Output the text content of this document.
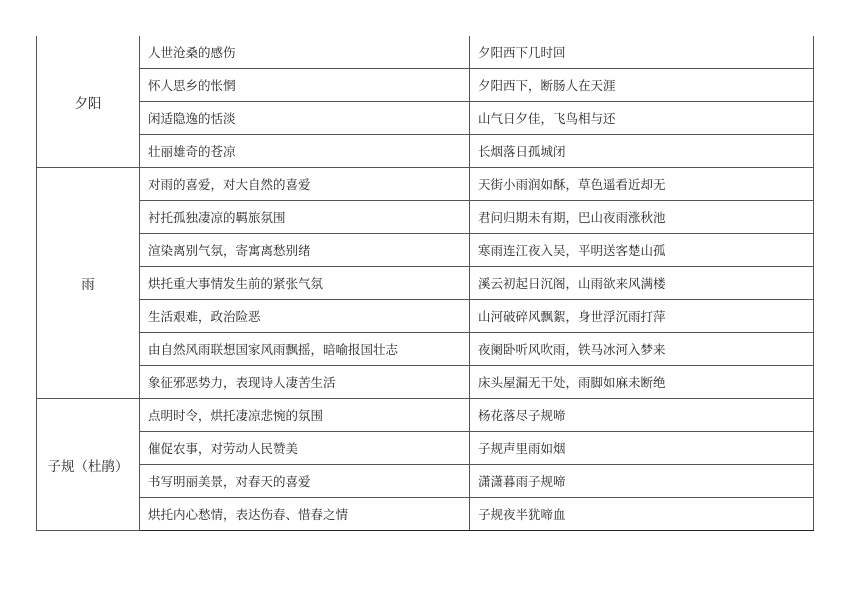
夕阳	人世沧桑的感伤	夕阳西下几时回
	怀人思乡的怅惘	夕阳西下，断肠人在天涯
	闲适隐逸的恬淡	山气日夕佳，飞鸟相与还
	壮丽雄奇的苍凉	长烟落日孤城闭
雨	对雨的喜爱，对大自然的喜爱	天街小雨润如酥，草色遥看近却无
	衬托孤独凄凉的羁旅氛围	君问归期未有期，巴山夜雨涨秋池
	渲染离别气氛，寄寓离愁别绪	寒雨连江夜入吴，平明送客楚山孤
	烘托重大事情发生前的紧张气氛	溪云初起日沉阁，山雨欲来风满楼
	生活艰难，政治险恶	山河破碎风飘絮，身世浮沉雨打萍
	由自然风雨联想国家风雨飘摇，暗喻报国壮志	夜阑卧听风吹雨，铁马冰河入梦来
	象征邪恶势力，表现诗人凄苦生活	床头屋漏无干处，雨脚如麻未断绝
子规（杜鹃）	点明时令，烘托凄凉悲惋的氛围	杨花落尽子规啼
	催促农事，对劳动人民赞美	子规声里雨如烟
	书写明丽美景，对春天的喜爱	潇潇暮雨子规啼
	烘托内心愁情，表达伤春、惜春之情	子规夜半犹啼血
